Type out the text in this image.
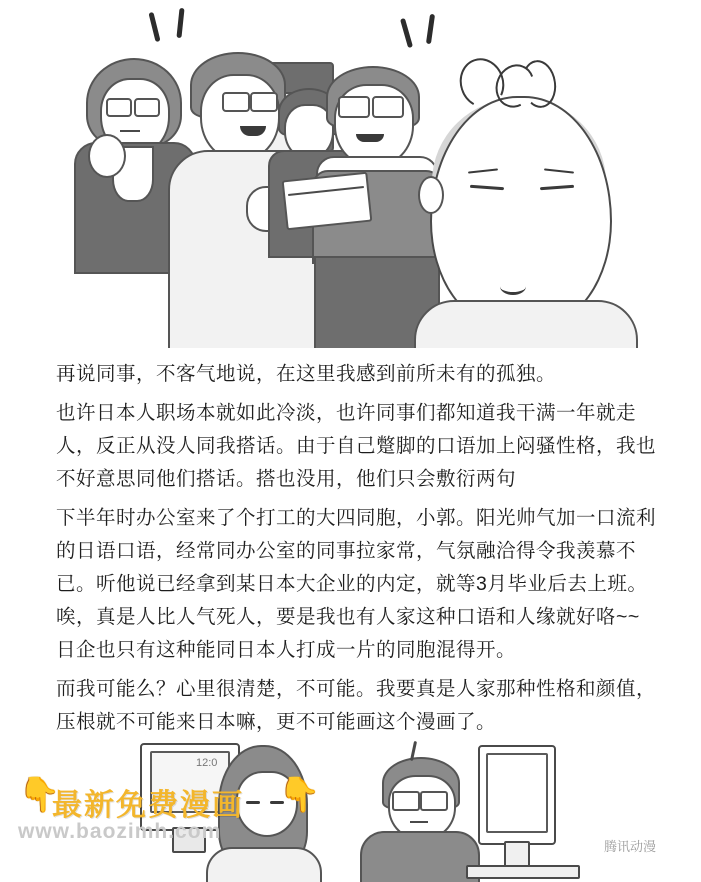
再说同事，不客气地说，在这里我感到前所未有的孤独。

也许日本人职场本就如此冷淡，也许同事们都知道我干满一年就走人，反正从没人同我搭话。由于自己蹩脚的口语加上闷骚性格，我也不好意思同他们搭话。搭也没用，他们只会敷衍两句

下半年时办公室来了个打工的大四同胞，小郭。阳光帅气加一口流利的日语口语，经常同办公室的同事拉家常，气氛融洽得令我羡慕不已。听他说已经拿到某日本大企业的内定，就等3月毕业后去上班。唉，真是人比人气死人，要是我也有人家这种口语和人缘就好咯~~日企也只有这种能同日本人打成一片的同胞混得开。

而我可能么？心里很清楚，不可能。我要真是人家那种性格和颜值，压根就不可能来日本嘛，更不可能画这个漫画了。

12:0
👇
最新免费漫画 👇
www.baozimh.com
腾讯动漫
